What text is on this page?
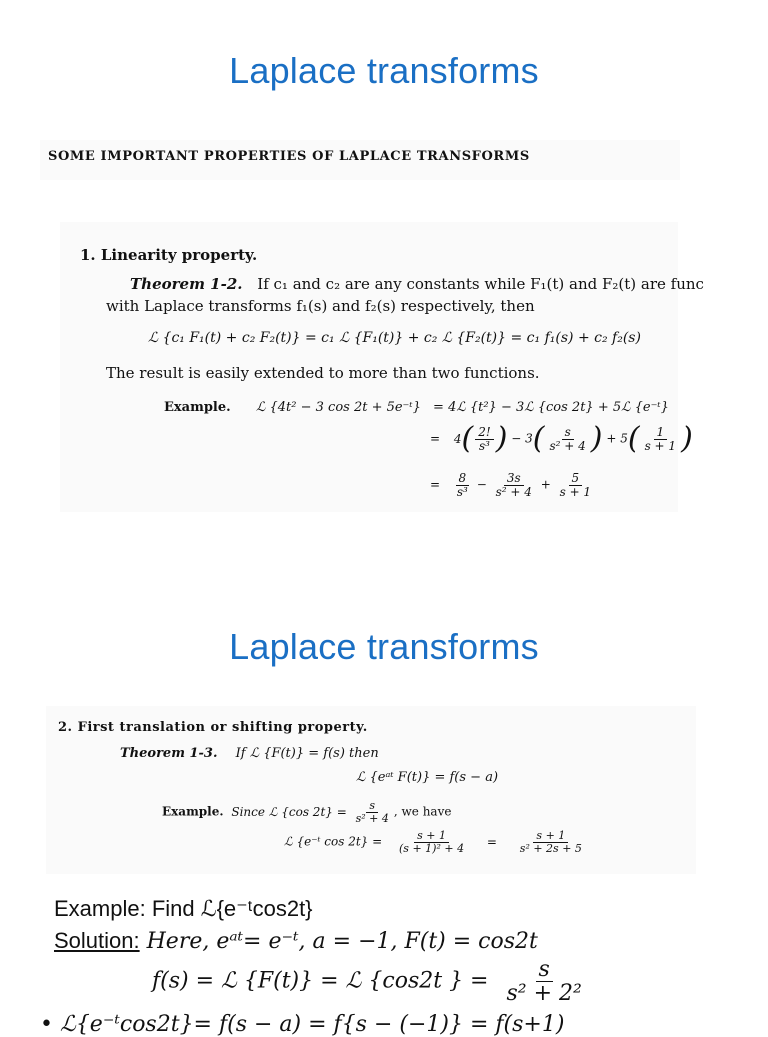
Laplace transforms
SOME IMPORTANT PROPERTIES OF LAPLACE TRANSFORMS
1. Linearity property.
Theorem 1-2. If c₁ and c₂ are any constants while F₁(t) and F₂(t) are func
with Laplace transforms f₁(s) and f₂(s) respectively, then
ℒ {c₁ F₁(t) + c₂ F₂(t)} = c₁ ℒ {F₁(t)} + c₂ ℒ {F₂(t)} = c₁ f₁(s) + c₂ f₂(s)
The result is easily extended to more than two functions.
Example. ℒ {4t² − 3 cos 2t + 5e⁻ᵗ} = 4ℒ {t²} − 3ℒ {cos 2t} + 5ℒ {e⁻ᵗ}
= $4( \frac{2!}{\text{s³}}$ ) − $3( \frac{s}{\text{s² + 4}}$ ) + $5( \frac{1}{s + 1}$ )
= $\frac{8}{\text{s³}} - \frac{3s}{\text{s² + 4}} + \frac{5}{s + 1}$
Laplace transforms
2. First translation or shifting property.
Theorem 1-3. If ℒ {F(t)} = f(s) then
ℒ {eᵃᵗ F(t)} = f(s − a)
Example. Since ℒ {cos $2t\} = \frac{s}{\text{s² + 4}}$ , we have
ℒ {e⁻ᵗ $\cos 2t\} = \frac{s + 1}{\text{(s + 1)² + 4}} = \frac{s + 1}{\text{s² + 2s + 5}}$
Example: Find ℒ{e⁻ᵗcos2t}
Solution: Here, eᵃᵗ= e⁻ᵗ, a = −1, F(t) = cos2t
f(s) = ℒ {F(t)} = ℒ {cos2t } = $\frac{s}{\text{s² + 2²}}$
• ℒ{e⁻ᵗcos2t}= f(s − a) = f{s − (−1)} = f(s+1)
